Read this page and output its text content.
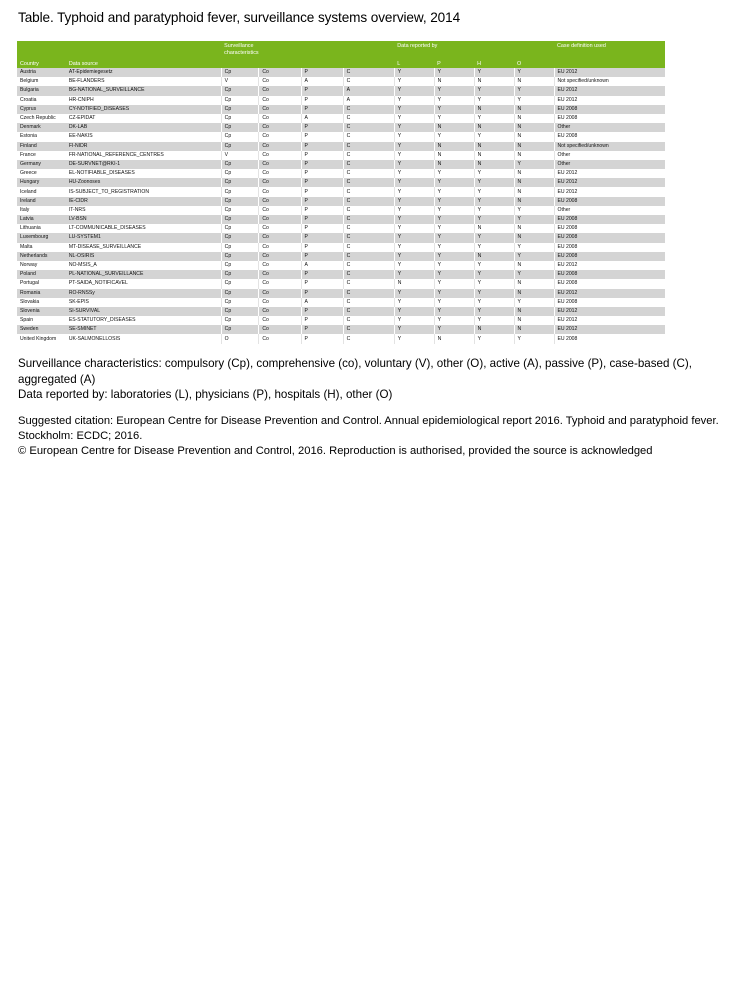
Table. Typhoid and paratyphoid fever, surveillance systems overview, 2014

		Surveillance
characteristics				Data reported by				Case definition used
Country	Data source					L	P	H	O	
Austria	AT-Epidemiegesetz	Cp	Co	P	C	Y	Y	Y	Y	EU 2012
Belgium	BE-FLANDERS	V	Co	A	C	Y	N	N	N	Not specified/unknown
Bulgaria	BG-NATIONAL_SURVEILLANCE	Cp	Co	P	A	Y	Y	Y	Y	EU 2012
Croatia	HR-CNIPH	Cp	Co	P	A	Y	Y	Y	Y	EU 2012
Cyprus	CY-NOTIFIED_DISEASES	Cp	Co	P	C	Y	Y	N	N	EU 2008
Czech Republic	CZ-EPIDAT	Cp	Co	A	C	Y	Y	Y	N	EU 2008
Denmark	DK-LAB	Cp	Co	P	C	Y	N	N	N	Other
Estonia	EE-NAKIS	Cp	Co	P	C	Y	Y	Y	N	EU 2008
Finland	FI-NIDR	Cp	Co	P	C	Y	N	N	N	Not specified/unknown
France	FR-NATIONAL_REFERENCE_CENTRES	V	Co	P	C	Y	N	N	N	Other
Germany	DE-SURVNET@RKI-1	Cp	Co	P	C	Y	N	N	Y	Other
Greece	EL-NOTIFIABLE_DISEASES	Cp	Co	P	C	Y	Y	Y	N	EU 2012
Hungary	HU-Zoonoses	Cp	Co	P	C	Y	Y	Y	N	EU 2012
Iceland	IS-SUBJECT_TO_REGISTRATION	Cp	Co	P	C	Y	Y	Y	N	EU 2012
Ireland	IE-CIDR	Cp	Co	P	C	Y	Y	Y	N	EU 2008
Italy	IT-NRS	Cp	Co	P	C	Y	Y	Y	Y	Other
Latvia	LV-BSN	Cp	Co	P	C	Y	Y	Y	Y	EU 2008
Lithuania	LT-COMMUNICABLE_DISEASES	Cp	Co	P	C	Y	Y	N	N	EU 2008
Luxembourg	LU-SYSTEM1	Cp	Co	P	C	Y	Y	Y	N	EU 2008
Malta	MT-DISEASE_SURVEILLANCE	Cp	Co	P	C	Y	Y	Y	Y	EU 2008
Netherlands	NL-OSIRIS	Cp	Co	P	C	Y	Y	N	Y	EU 2008
Norway	NO-MSIS_A	Cp	Co	A	C	Y	Y	Y	N	EU 2012
Poland	PL-NATIONAL_SURVEILLANCE	Cp	Co	P	C	Y	Y	Y	Y	EU 2008
Portugal	PT-SAIDA_NOTIFICAVEL	Cp	Co	P	C	N	Y	Y	N	EU 2008
Romania	RO-RNSSy	Cp	Co	P	C	Y	Y	Y	N	EU 2012
Slovakia	SK-EPIS	Cp	Co	A	C	Y	Y	Y	Y	EU 2008
Slovenia	SI-SURVIVAL	Cp	Co	P	C	Y	Y	Y	N	EU 2012
Spain	ES-STATUTORY_DISEASES	Cp	Co	P	C	Y	Y	Y	N	EU 2012
Sweden	SE-SMINET	Cp	Co	P	C	Y	Y	N	N	EU 2012
United Kingdom	UK-SALMONELLOSIS	O	Co	P	C	Y	N	Y	Y	EU 2008

Surveillance characteristics: compulsory (Cp), comprehensive (co), voluntary (V), other (O), active (A), passive (P), case-based (C), aggregated (A)

Data reported by: laboratories (L), physicians (P), hospitals (H), other (O)

Suggested citation: European Centre for Disease Prevention and Control. Annual epidemiological report 2016. Typhoid and paratyphoid fever. Stockholm: ECDC; 2016.

© European Centre for Disease Prevention and Control, 2016. Reproduction is authorised, provided the source is acknowledged
